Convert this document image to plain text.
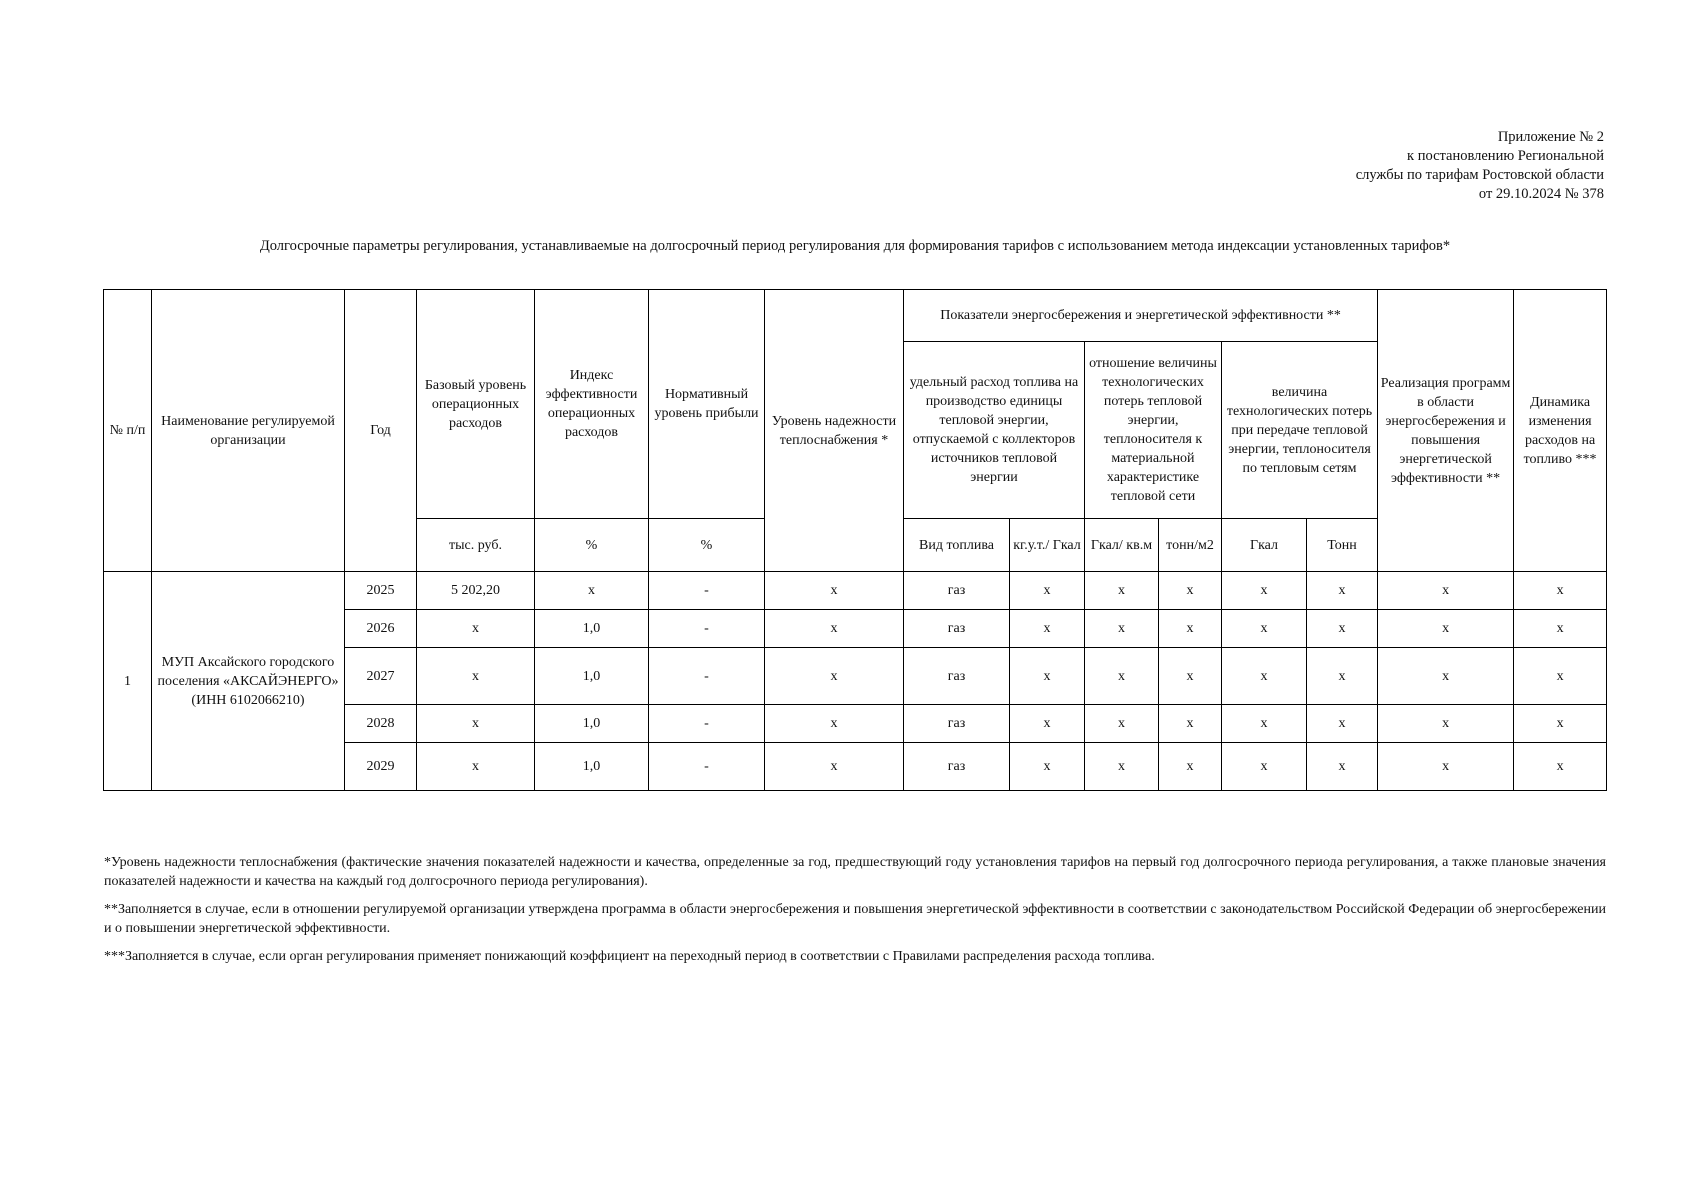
Приложение № 2
к постановлению Региональной
службы по тарифам Ростовской области
от 29.10.2024 № 378
Долгосрочные параметры регулирования, устанавливаемые на долгосрочный период регулирования для формирования тарифов с использованием метода индексации установленных тарифов*
№ п/п	Наименование регулируемой организации	Год	Базовый уровень операционных расходов	Индекс эффективности операционных расходов	Нормативный уровень прибыли	Уровень надежности теплоснабжения *	Показатели энергосбережения и энергетической эффективности **						Реализация программ в области энергосбережения и повышения энергетической эффективности **	Динамика изменения расходов на топливо ***
							удельный расход топлива на производство единицы тепловой энергии, отпускаемой с коллекторов источников тепловой энергии		отношение величины технологических потерь тепловой энергии, теплоносителя к материальной характеристике тепловой сети		величина технологических потерь при передаче тепловой энергии, теплоносителя по тепловым сетям			
			тыс. руб.	%	%		Вид топлива	кг.у.т./ Гкал	Гкал/ кв.м	тонн/м2	Гкал	Тонн		
1	МУП Аксайского городского поселения «АКСАЙЭНЕРГО» (ИНН 6102066210)	2025	5 202,20	x	-	x	газ	x	x	x	x	x	x	x
		2026	x	1,0	-	x	газ	x	x	x	x	x	x	x
		2027	x	1,0	-	x	газ	x	x	x	x	x	x	x
		2028	x	1,0	-	x	газ	x	x	x	x	x	x	x
		2029	x	1,0	-	x	газ	x	x	x	x	x	x	x

*Уровень надежности теплоснабжения (фактические значения показателей надежности и качества, определенные за год, предшествующий году установления тарифов на первый год долгосрочного периода регулирования, а также плановые значения показателей надежности и качества на каждый год долгосрочного периода регулирования).

**Заполняется в случае, если в отношении регулируемой организации утверждена программа в области энергосбережения и повышения энергетической эффективности в соответствии с законодательством Российской Федерации об энергосбережении и о повышении энергетической эффективности.

***Заполняется в случае, если орган регулирования применяет понижающий коэффициент на переходный период в соответствии с Правилами распределения расхода топлива.
